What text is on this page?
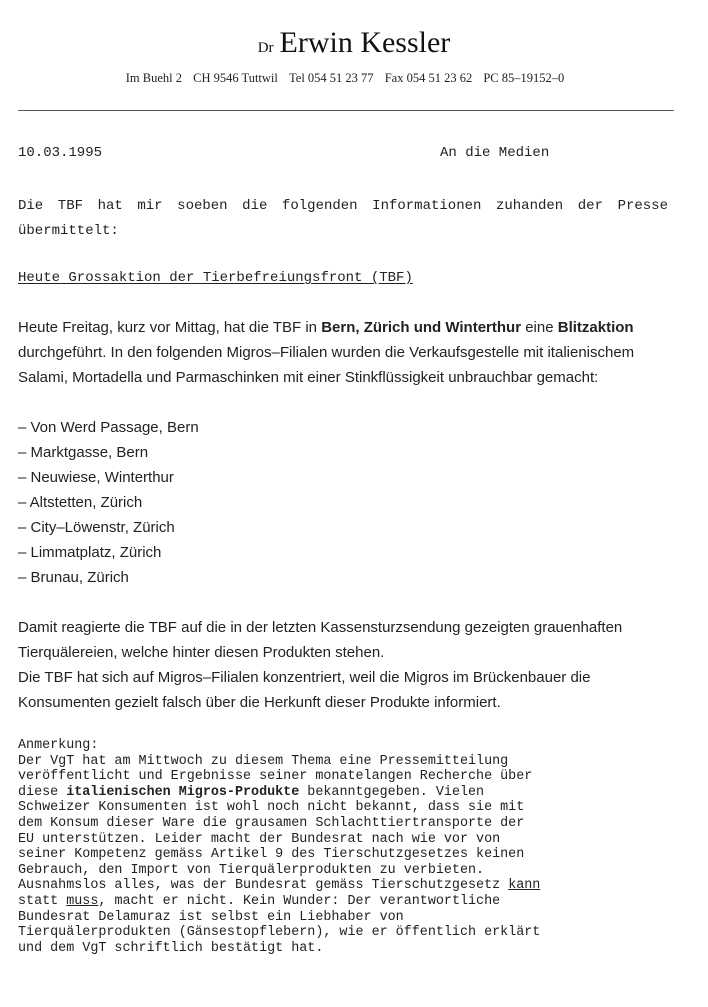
Dr Erwin Kessler
Im Buehl 2 CH 9546 Tuttwil Tel 054 51 23 77 Fax 054 51 23 62 PC 85–19152–0
10.03.1995	An die Medien
Die TBF hat mir soeben die folgenden Informationen zuhanden der Presse übermittelt:
Heute Grossaktion der Tierbefreiungsfront (TBF)
Heute Freitag, kurz vor Mittag, hat die TBF in Bern, Zürich und Winterthur eine Blitzaktion durchgeführt. In den folgenden Migros–Filialen wurden die Verkaufsgestelle mit italienischem Salami, Mortadella und Parmaschinken mit einer Stinkflüssigkeit unbrauchbar gemacht:
– Von Werd Passage, Bern
– Marktgasse, Bern
– Neuwiese, Winterthur
– Altstetten, Zürich
– City–Löwenstr, Zürich
– Limmatplatz, Zürich
– Brunau, Zürich
Damit reagierte die TBF auf die in der letzten Kassensturzsendung gezeigten grauenhaften Tierquälereien, welche hinter diesen Produkten stehen.
Die TBF hat sich auf Migros–Filialen konzentriert, weil die Migros im Brückenbauer die Konsumenten gezielt falsch über die Herkunft dieser Produkte informiert.
Anmerkung:
Der VgT hat am Mittwoch zu diesem Thema eine Pressemitteilung
veröffentlicht und Ergebnisse seiner monatelangen Recherche über
diese italienischen Migros-Produkte bekanntgegeben. Vielen
Schweizer Konsumenten ist wohl noch nicht bekannt, dass sie mit
dem Konsum dieser Ware die grausamen Schlachttiertransporte der
EU unterstützen. Leider macht der Bundesrat nach wie vor von
seiner Kompetenz gemäss Artikel 9 des Tierschutzgesetzes keinen
Gebrauch, den Import von Tierquälerprodukten zu verbieten.
Ausnahmslos alles, was der Bundesrat gemäss Tierschutzgesetz kann
statt muss, macht er nicht. Kein Wunder: Der verantwortliche
Bundesrat Delamuraz ist selbst ein Liebhaber von
Tierquälerprodukten (Gänsestopflebern), wie er öffentlich erklärt
und dem VgT schriftlich bestätigt hat.
